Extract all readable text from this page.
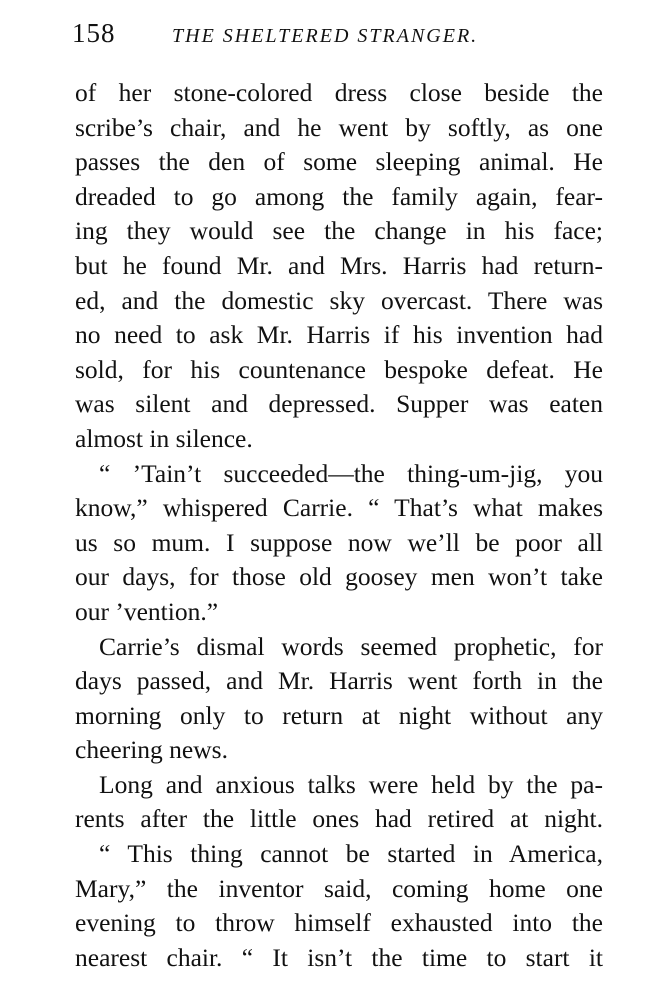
158	THE SHELTERED STRANGER.
of her stone-colored dress close beside the
scribe’s chair, and he went by softly, as one
passes the den of some sleeping animal. He
dreaded to go among the family again, fear-
ing they would see the change in his face;
but he found Mr. and Mrs. Harris had return-
ed, and the domestic sky overcast. There was
no need to ask Mr. Harris if his invention had
sold, for his countenance bespoke defeat. He
was silent and depressed. Supper was eaten
almost in silence.
“ ’Tain’t succeeded—the thing-um-jig, you
know,” whispered Carrie. “ That’s what makes
us so mum. I suppose now we’ll be poor all
our days, for those old goosey men won’t take
our ’vention.”
Carrie’s dismal words seemed prophetic, for
days passed, and Mr. Harris went forth in the
morning only to return at night without any
cheering news.
Long and anxious talks were held by the pa-
rents after the little ones had retired at night.
“ This thing cannot be started in America,
Mary,” the inventor said, coming home one
evening to throw himself exhausted into the
nearest chair. “ It isn’t the time to start it
